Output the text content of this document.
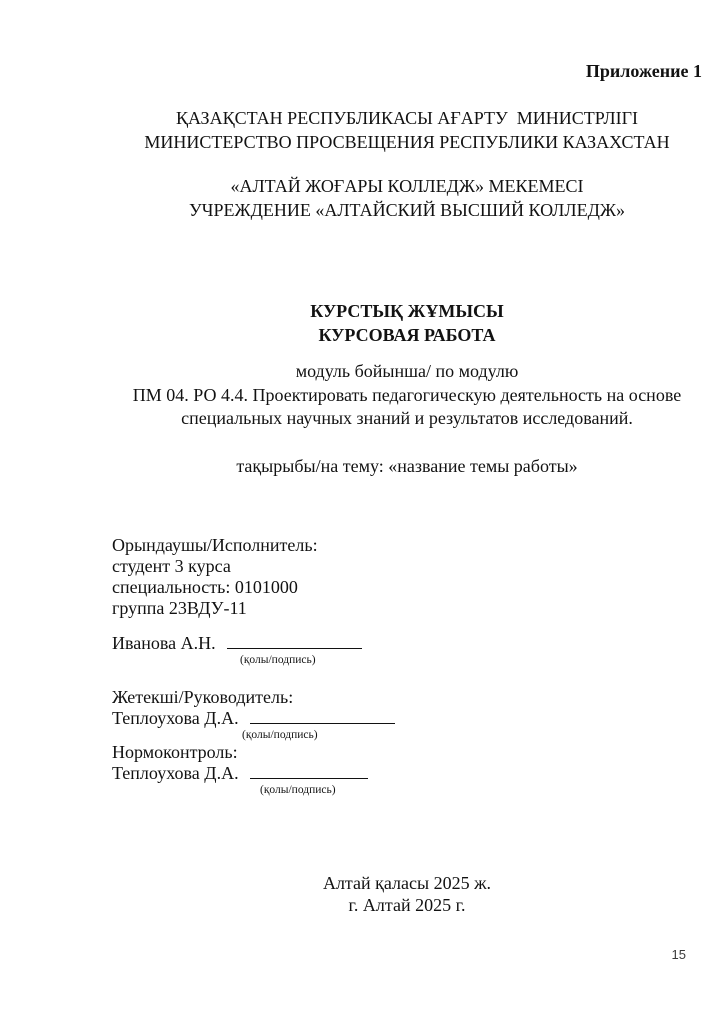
Приложение 1
ҚАЗАҚСТАН РЕСПУБЛИКАСЫ АҒАРТУ  МИНИСТРЛІГІ
МИНИСТЕРСТВО ПРОСВЕЩЕНИЯ РЕСПУБЛИКИ КАЗАХСТАН
«АЛТАЙ ЖОҒАРЫ КОЛЛЕДЖ» МЕКЕМЕСІ
УЧРЕЖДЕНИЕ «АЛТАЙСКИЙ ВЫСШИЙ КОЛЛЕДЖ»
КУРСТЫҚ ЖҰМЫСЫ
КУРСОВАЯ РАБОТА
модуль бойынша/ по модулю
ПМ 04. РО 4.4. Проектировать педагогическую деятельность на основе
специальных научных знаний и результатов исследований.
тақырыбы/на тему: «название темы работы»
Орындаушы/Исполнитель:
студент 3 курса
специальность: 0101000
группа 23ВДУ-11
Иванова А.Н.
(қолы/подпись)
Жетекші/Руководитель:
Теплоухова Д.А.
(қолы/подпись)
Нормоконтроль:
Теплоухова Д.А.
(қолы/подпись)
Алтай қаласы 2025 ж.
г. Алтай 2025 г.
15
